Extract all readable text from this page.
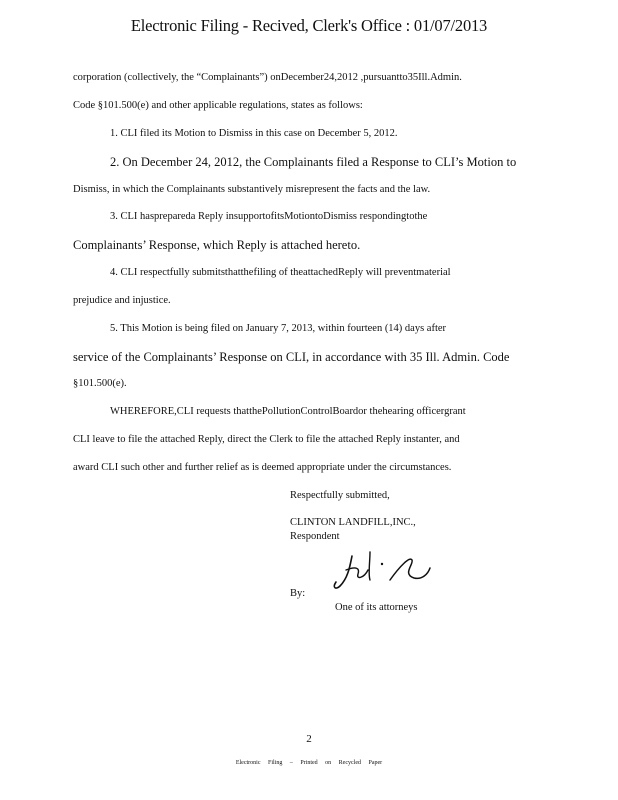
Electronic Filing - Recived, Clerk's Office : 01/07/2013
corporation (collectively, the “Complainants”) onDecember24,2012 ,pursuantto35Ill.Admin.
Code §101.500(e) and other applicable regulations, states as follows:
1. CLI filed its Motion to Dismiss in this case on December 5, 2012.
2. On December 24, 2012, the Complainants filed a Response to CLI’s Motion to
Dismiss, in which the Complainants substantively misrepresent the facts and the law.
3. CLI hasprepareda Reply insupportofitsMotiontoDismiss respondingtothe
Complainants’ Response, which Reply is attached hereto.
4. CLI respectfully submitsthatthefiling of theattachedReply will preventmaterial
prejudice and injustice.
5. This Motion is being filed on January 7, 2013, within fourteen (14) days after
service of the Complainants’ Response on CLI, in accordance with 35 Ill. Admin. Code
§101.500(e).
WHEREFORE,CLI requests thatthePollutionControlBoardor thehearing officergrant
CLI leave to file the attached Reply, direct the Clerk to file the attached Reply instanter, and
award CLI such other and further relief as is deemed appropriate under the circumstances.
Respectfully submitted,
CLINTON LANDFILL,INC.,
Respondent
By:
One of its attorneys
2
Electronic Filing – Printed on Recycled Paper
